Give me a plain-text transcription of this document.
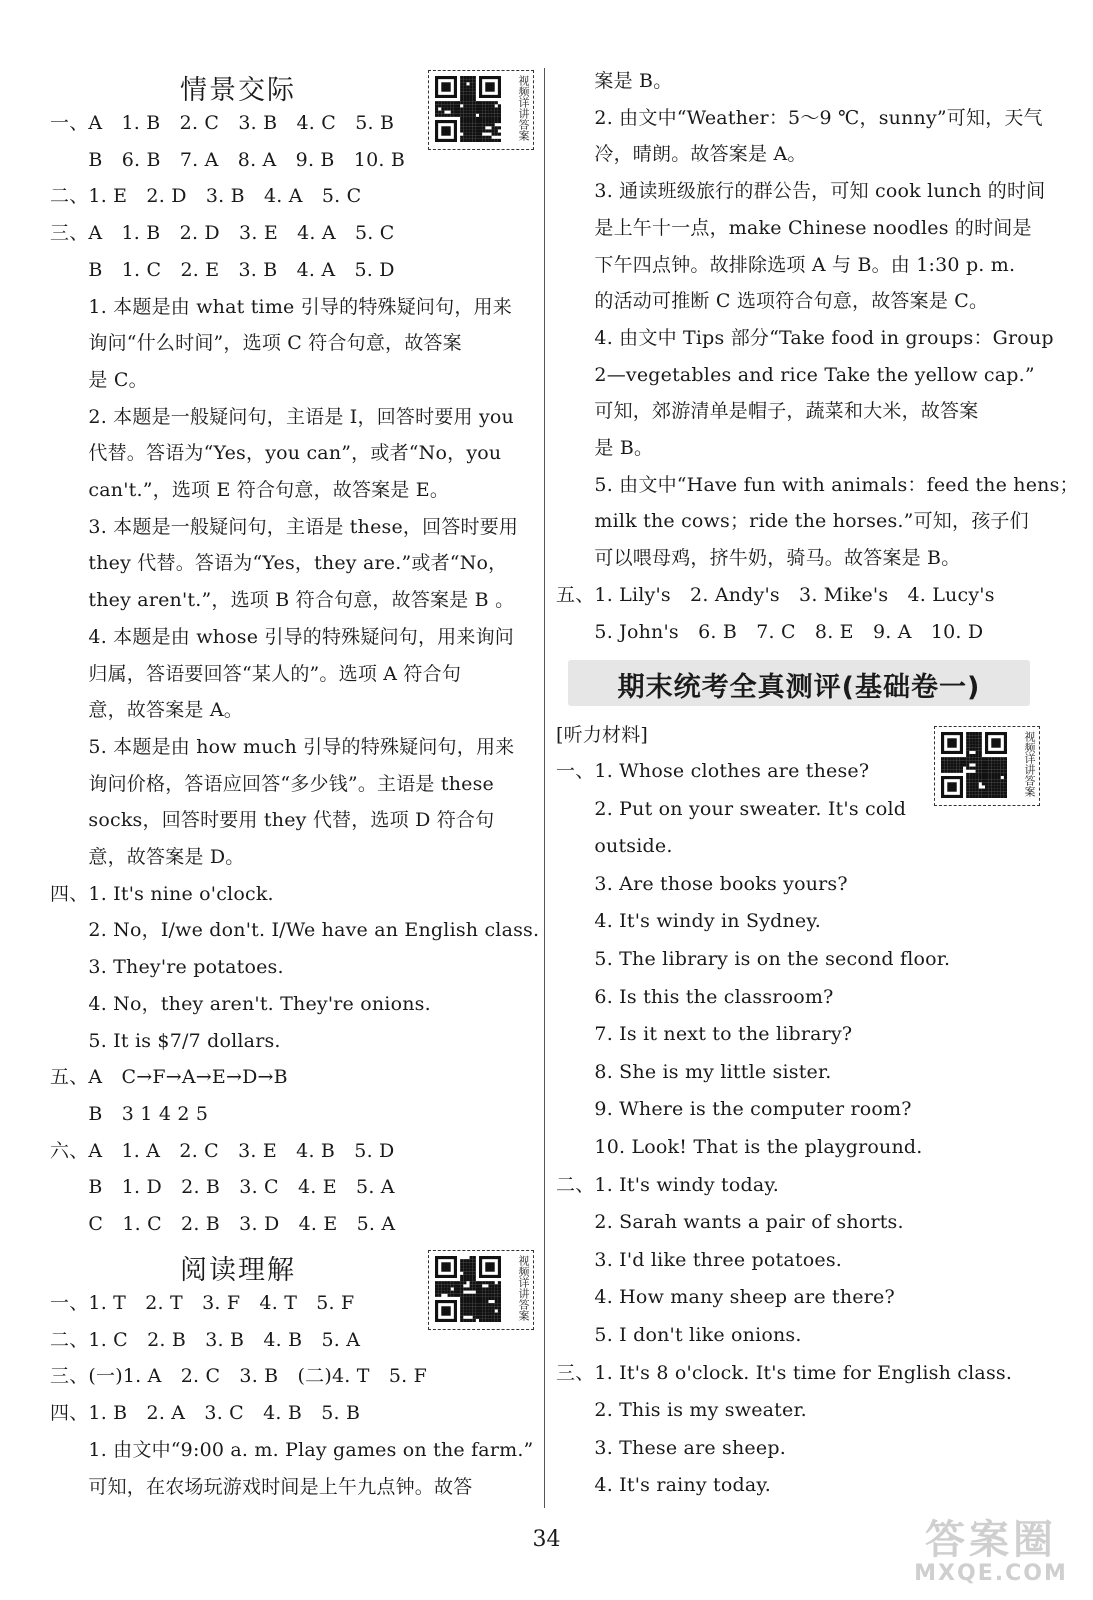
情景交际
一、A　1. B　2. C　3. B　4. C　5. B
　　B　6. B　7. A　8. A　9. B　10. B
二、1. E　2. D　3. B　4. A　5. C
三、A　1. B　2. D　3. E　4. A　5. C
　　B　1. C　2. E　3. B　4. A　5. D
　　1. 本题是由 what time 引导的特殊疑问句，用来
　　询问“什么时间”，选项 C 符合句意，故答案
　　是 C。
　　2. 本题是一般疑问句，主语是 I，回答时要用 you
　　代替。答语为“Yes，you can”，或者“No，you
　　can't.”，选项 E 符合句意，故答案是 E。
　　3. 本题是一般疑问句，主语是 these，回答时要用
　　they 代替。答语为“Yes，they are.”或者“No，
　　they aren't.”，选项 B 符合句意，故答案是 B 。
　　4. 本题是由 whose 引导的特殊疑问句，用来询问
　　归属，答语要回答“某人的”。选项 A 符合句
　　意，故答案是 A。
　　5. 本题是由 how much 引导的特殊疑问句，用来
　　询问价格，答语应回答“多少钱”。主语是 these
　　socks，回答时要用 they 代替，选项 D 符合句
　　意，故答案是 D。
四、1. It's nine o'clock.
　　2. No，I/we don't. I/We have an English class.
　　3. They're potatoes.
　　4. No，they aren't. They're onions.
　　5. It is $7/7 dollars.
五、A　C→F→A→E→D→B
　　B　3 1 4 2 5
六、A　1. A　2. C　3. E　4. B　5. D
　　B　1. D　2. B　3. C　4. E　5. A
　　C　1. C　2. B　3. D　4. E　5. A
阅读理解
一、1. T　2. T　3. F　4. T　5. F
二、1. C　2. B　3. B　4. B　5. A
三、(一)1. A　2. C　3. B　(二)4. T　5. F
四、1. B　2. A　3. C　4. B　5. B
　　1. 由文中“9:00 a. m. Play games on the farm.”
　　可知，在农场玩游戏时间是上午九点钟。故答
视频详讲答案
视频详讲答案
　　案是 B。
　　2. 由文中“Weather：5～9 ℃，sunny”可知，天气
　　冷，晴朗。故答案是 A。
　　3. 通读班级旅行的群公告，可知 cook lunch 的时间
　　是上午十一点，make Chinese noodles 的时间是
　　下午四点钟。故排除选项 A 与 B。由 1:30 p. m.
　　的活动可推断 C 选项符合句意，故答案是 C。
　　4. 由文中 Tips 部分“Take food in groups：Group
　　2—vegetables and rice Take the yellow cap.”
　　可知，郊游清单是帽子，蔬菜和大米，故答案
　　是 B。
　　5. 由文中“Have fun with animals：feed the hens；
　　milk the cows；ride the horses.”可知，孩子们
　　可以喂母鸡，挤牛奶，骑马。故答案是 B。
五、1. Lily's　2. Andy's　3. Mike's　4. Lucy's
　　5. John's　6. B　7. C　8. E　9. A　10. D
一、1. Whose clothes are these?
　　2. Put on your sweater. It's cold
　　outside.
　　3. Are those books yours?
　　4. It's windy in Sydney.
　　5. The library is on the second floor.
　　6. Is this the classroom?
　　7. Is it next to the library?
　　8. She is my little sister.
　　9. Where is the computer room?
　　10. Look! That is the playground.
二、1. It's windy today.
　　2. Sarah wants a pair of shorts.
　　3. I'd like three potatoes.
　　4. How many sheep are there?
　　5. I don't like onions.
三、1. It's 8 o'clock. It's time for English class.
　　2. This is my sweater.
　　3. These are sheep.
　　4. It's rainy today.
期末统考全真测评(基础卷一)
[听力材料]	视频详讲答案
34	答案圈
MXQE.COM
